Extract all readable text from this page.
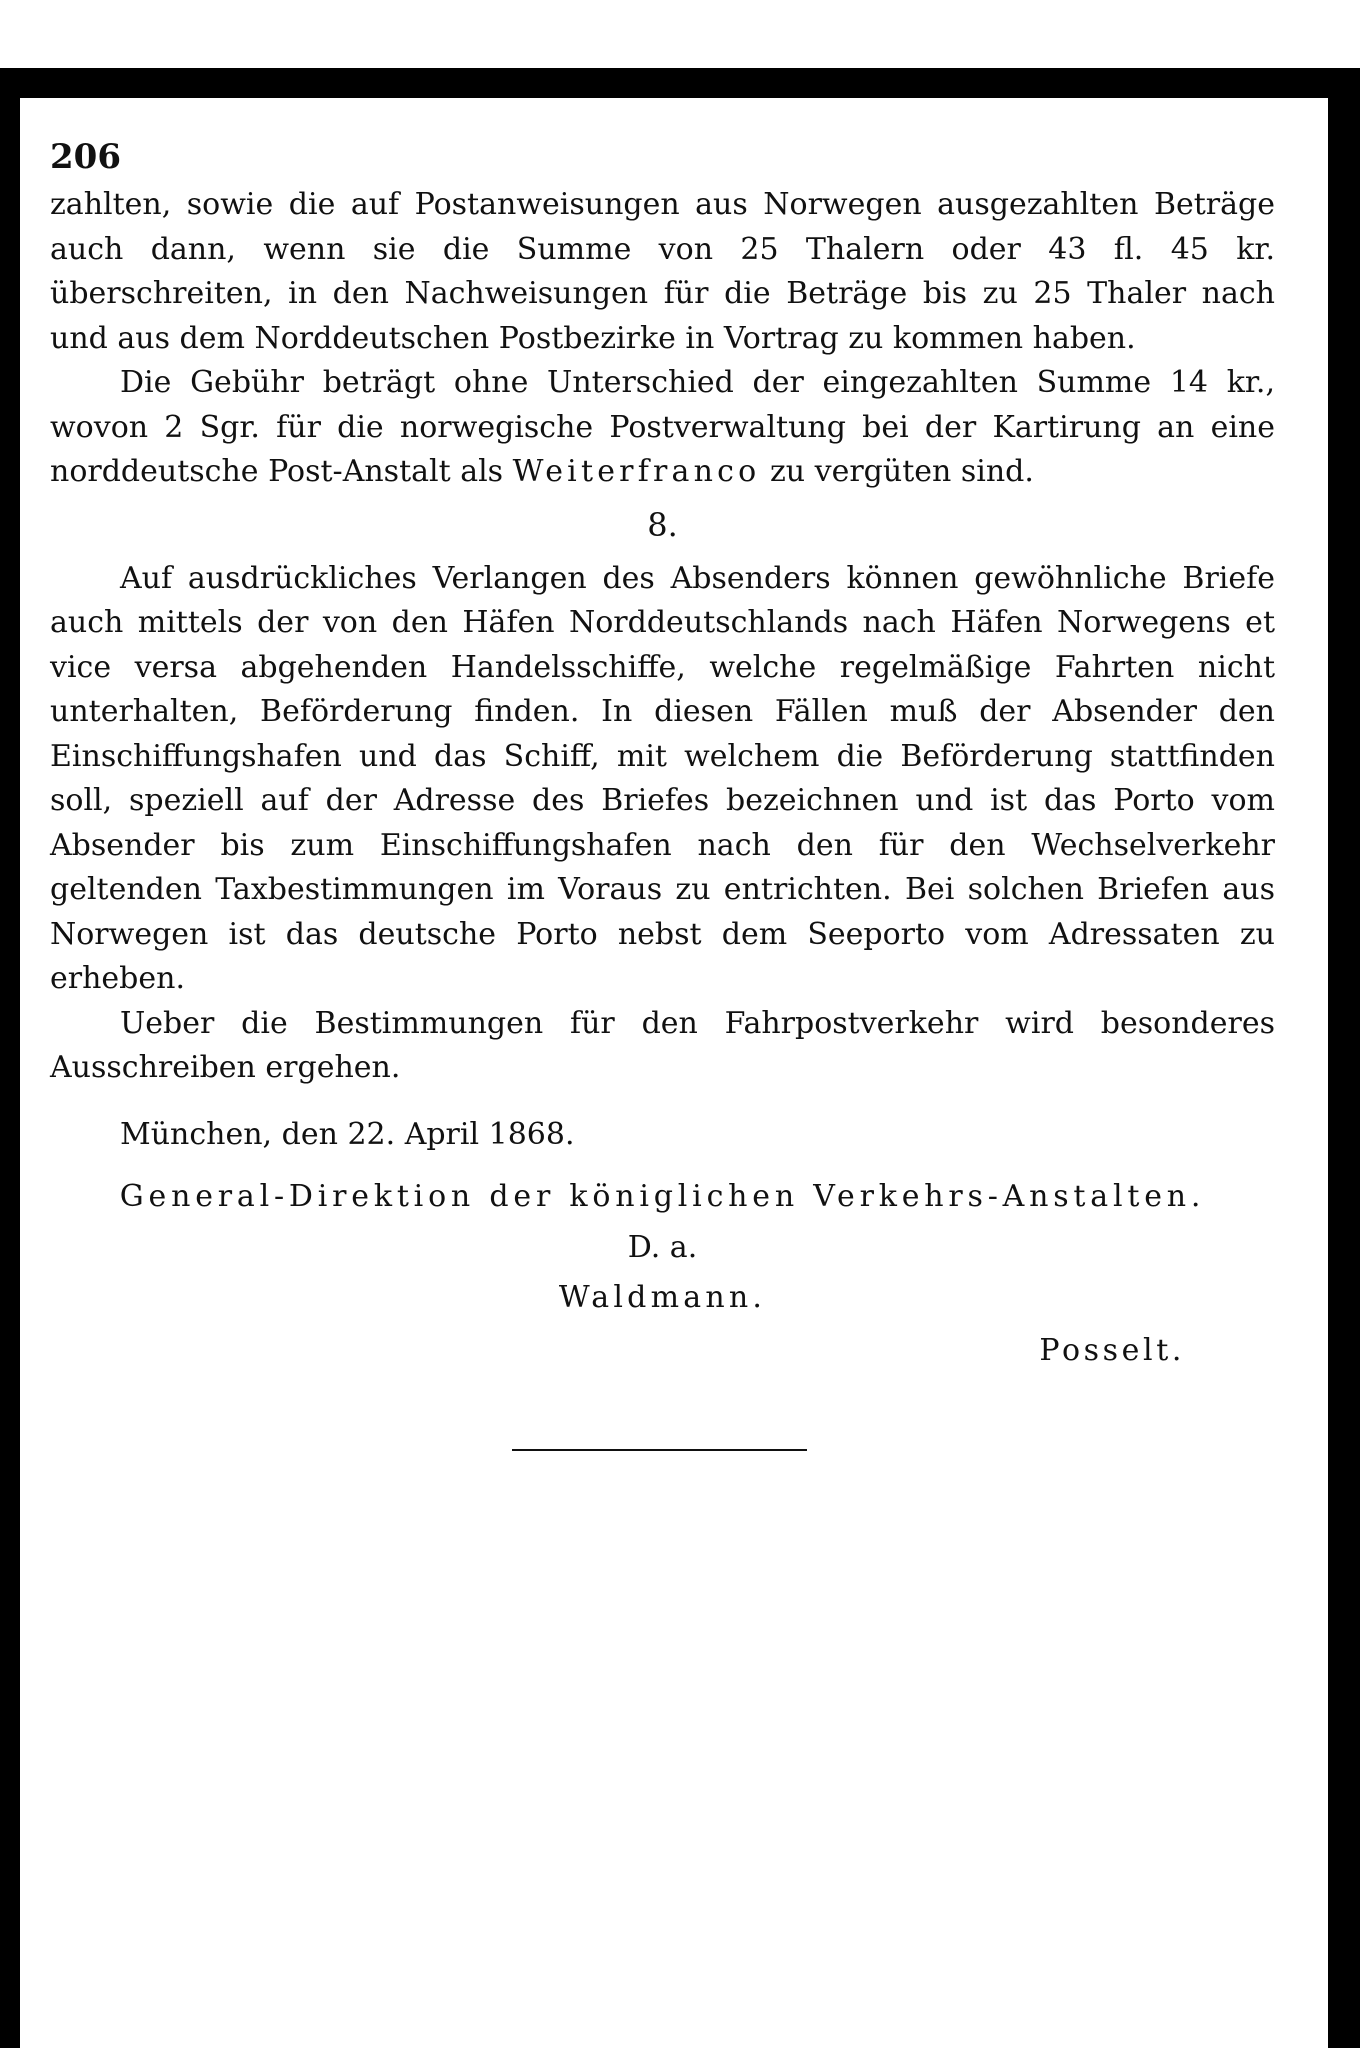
206

zahlten, sowie die auf Postanweisungen aus Norwegen ausgezahlten Beträge auch dann, wenn sie die Summe von 25 Thalern oder 43 fl. 45 kr. überschreiten, in den Nachweisungen für die Beträge bis zu 25 Thaler nach und aus dem Norddeutschen Postbezirke in Vortrag zu kommen haben.

Die Gebühr beträgt ohne Unterschied der eingezahlten Summe 14 kr., wovon 2 Sgr. für die norwegische Postverwaltung bei der Kartirung an eine norddeutsche Post-Anstalt als Weiterfranco zu vergüten sind.

8.

Auf ausdrückliches Verlangen des Absenders können gewöhnliche Briefe auch mittels der von den Häfen Norddeutschlands nach Häfen Norwegens et vice versa abgehenden Handelsschiffe, welche regelmäßige Fahrten nicht unterhalten, Beförderung finden. In diesen Fällen muß der Absender den Einschiffungshafen und das Schiff, mit welchem die Beförderung stattfinden soll, speziell auf der Adresse des Briefes bezeichnen und ist das Porto vom Absender bis zum Einschiffungshafen nach den für den Wechselverkehr geltenden Taxbestimmungen im Voraus zu entrichten. Bei solchen Briefen aus Norwegen ist das deutsche Porto nebst dem Seeporto vom Adressaten zu erheben.

Ueber die Bestimmungen für den Fahrpostverkehr wird besonderes Ausschreiben ergehen.

München, den 22. April 1868.

General-Direktion der königlichen Verkehrs-Anstalten.

D. a.

Waldmann.

Posselt.
